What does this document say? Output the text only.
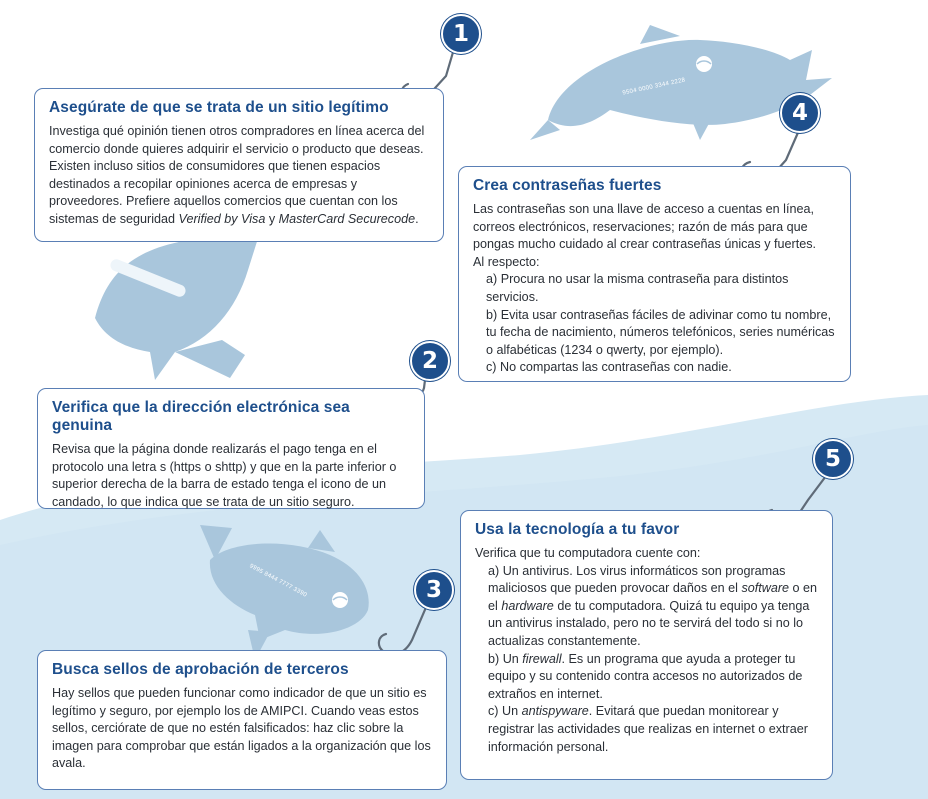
9504 0000 3344 2228
9995 8444 7777 3390
1
4
2
5
3
Asegúrate de que se trata de un sitio legítimo

Investiga qué opinión tienen otros compradores en línea acerca del comercio donde quieres adquirir el servicio o producto que deseas. Existen incluso sitios de consumidores que tienen espacios destinados a recopilar opiniones acerca de empresas y proveedores. Prefiere aquellos comercios que cuentan con los sistemas de seguridad Verified by Visa y MasterCard Securecode.

Crea contraseñas fuertes

Las contraseñas son una llave de acceso a cuentas en línea, correos electrónicos, reservaciones; razón de más para que pongas mucho cuidado al crear contraseñas únicas y fuertes.

Al respecto:

a) Procura no usar la misma contraseña para distintos servicios.

b) Evita usar contraseñas fáciles de adivinar como tu nombre, tu fecha de nacimiento, números telefónicos, series numéricas o alfabéticas (1234 o qwerty, por ejemplo).

c) No compartas las contraseñas con nadie.

Verifica que la dirección electrónica sea genuina

Revisa que la página donde realizarás el pago tenga en el protocolo una letra s (https o shttp) y que en la parte inferior o superior derecha de la barra de estado tenga el icono de un candado, lo que indica que se trata de un sitio seguro.

Usa la tecnología a tu favor

Verifica que tu computadora cuente con:

a) Un antivirus. Los virus informáticos son programas maliciosos que pueden provocar daños en el software o en el hardware de tu computadora. Quizá tu equipo ya tenga un antivirus instalado, pero no te servirá del todo si no lo actualizas constantemente.

b) Un firewall. Es un programa que ayuda a proteger tu equipo y su contenido contra accesos no autorizados de extraños en internet.

c) Un antispyware. Evitará que puedan monitorear y registrar las actividades que realizas en internet o extraer información personal.

Busca sellos de aprobación de terceros

Hay sellos que pueden funcionar como indicador de que un sitio es legítimo y seguro, por ejemplo los de AMIPCI. Cuando veas estos sellos, cerciórate de que no estén falsificados: haz clic sobre la imagen para comprobar que están ligados a la organización que los avala.
